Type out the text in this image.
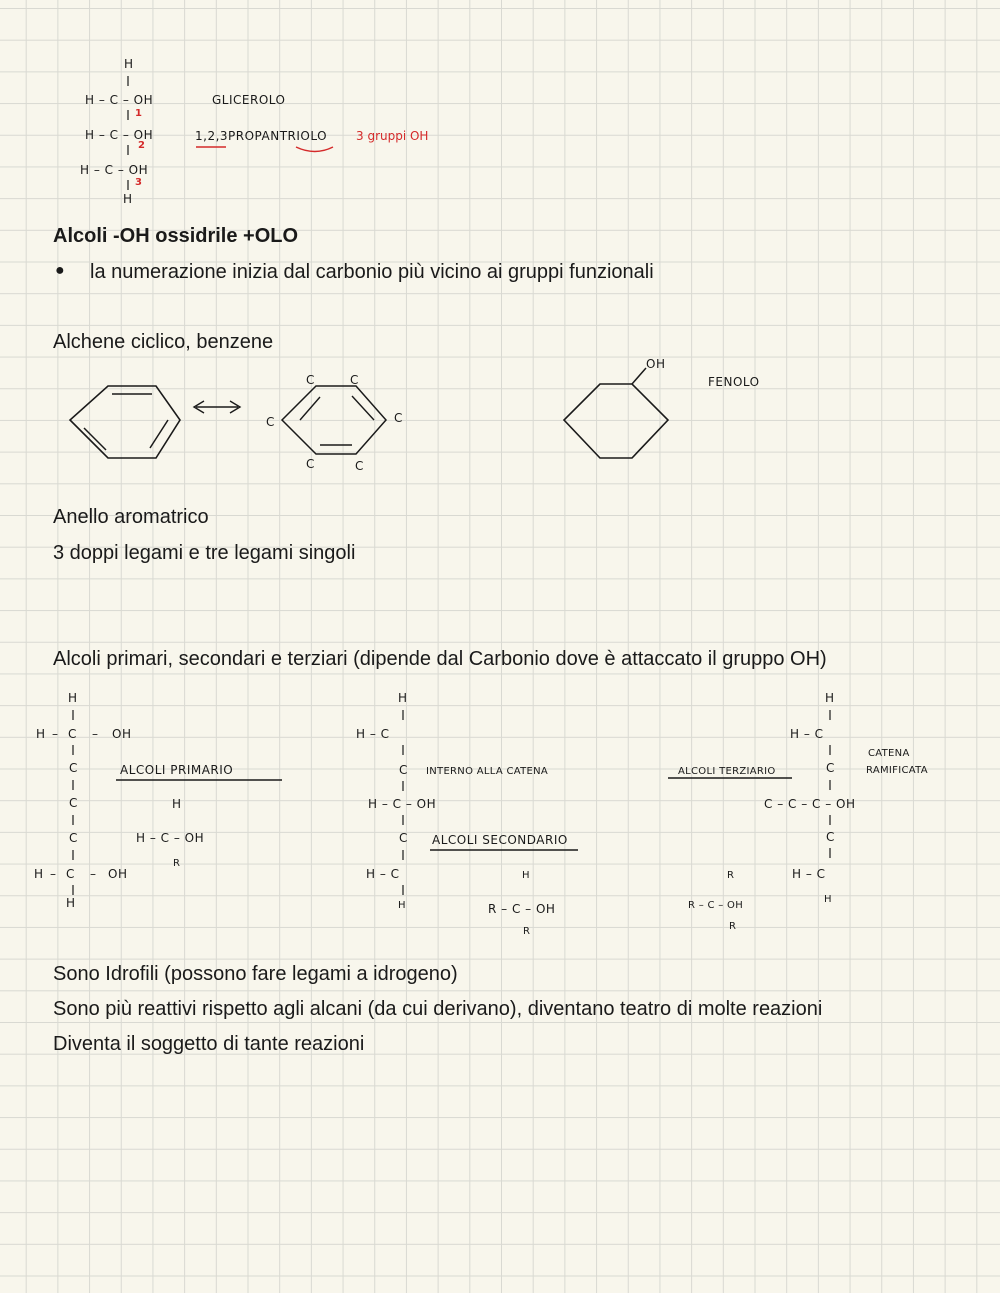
Alcoli -OH ossidrile +OLO
● la numerazione inizia dal carbonio più vicino ai gruppi funzionali
Alchene ciclico, benzene
Anello aromatrico
3 doppi legami e tre legami singoli
Alcoli primari, secondari e terziari (dipende dal Carbonio dove è attaccato il gruppo OH)
Sono Idrofili (possono fare legami a idrogeno)
Sono più reattivi rispetto agli alcani (da cui derivano), diventano teatro di molte reazioni
Diventa il soggetto di tante reazioni
H
H – C – OH
1
H – C – OH
2
H – C – OH
3
H
GLICEROLO
1,2,3PROPANTRIOLO 3 gruppi OH
C	C
C
C
C
C
OH
FENOLO
H
H – C – OH
C
C
C
H – C – OH
H
ALCOLI PRIMARIO
H
H – C – OH
R
H
H – C
C INTERNO ALLA CATENA
H – C – OH
C ALCOLI SECONDARIO
H – C
H
H
R – C – OH
R
H
H – C
C
CATENA
RAMIFICATA
ALCOLI TERZIARIO
C – C – C – OH
C
H – C
H
R
R – C – OH
R
